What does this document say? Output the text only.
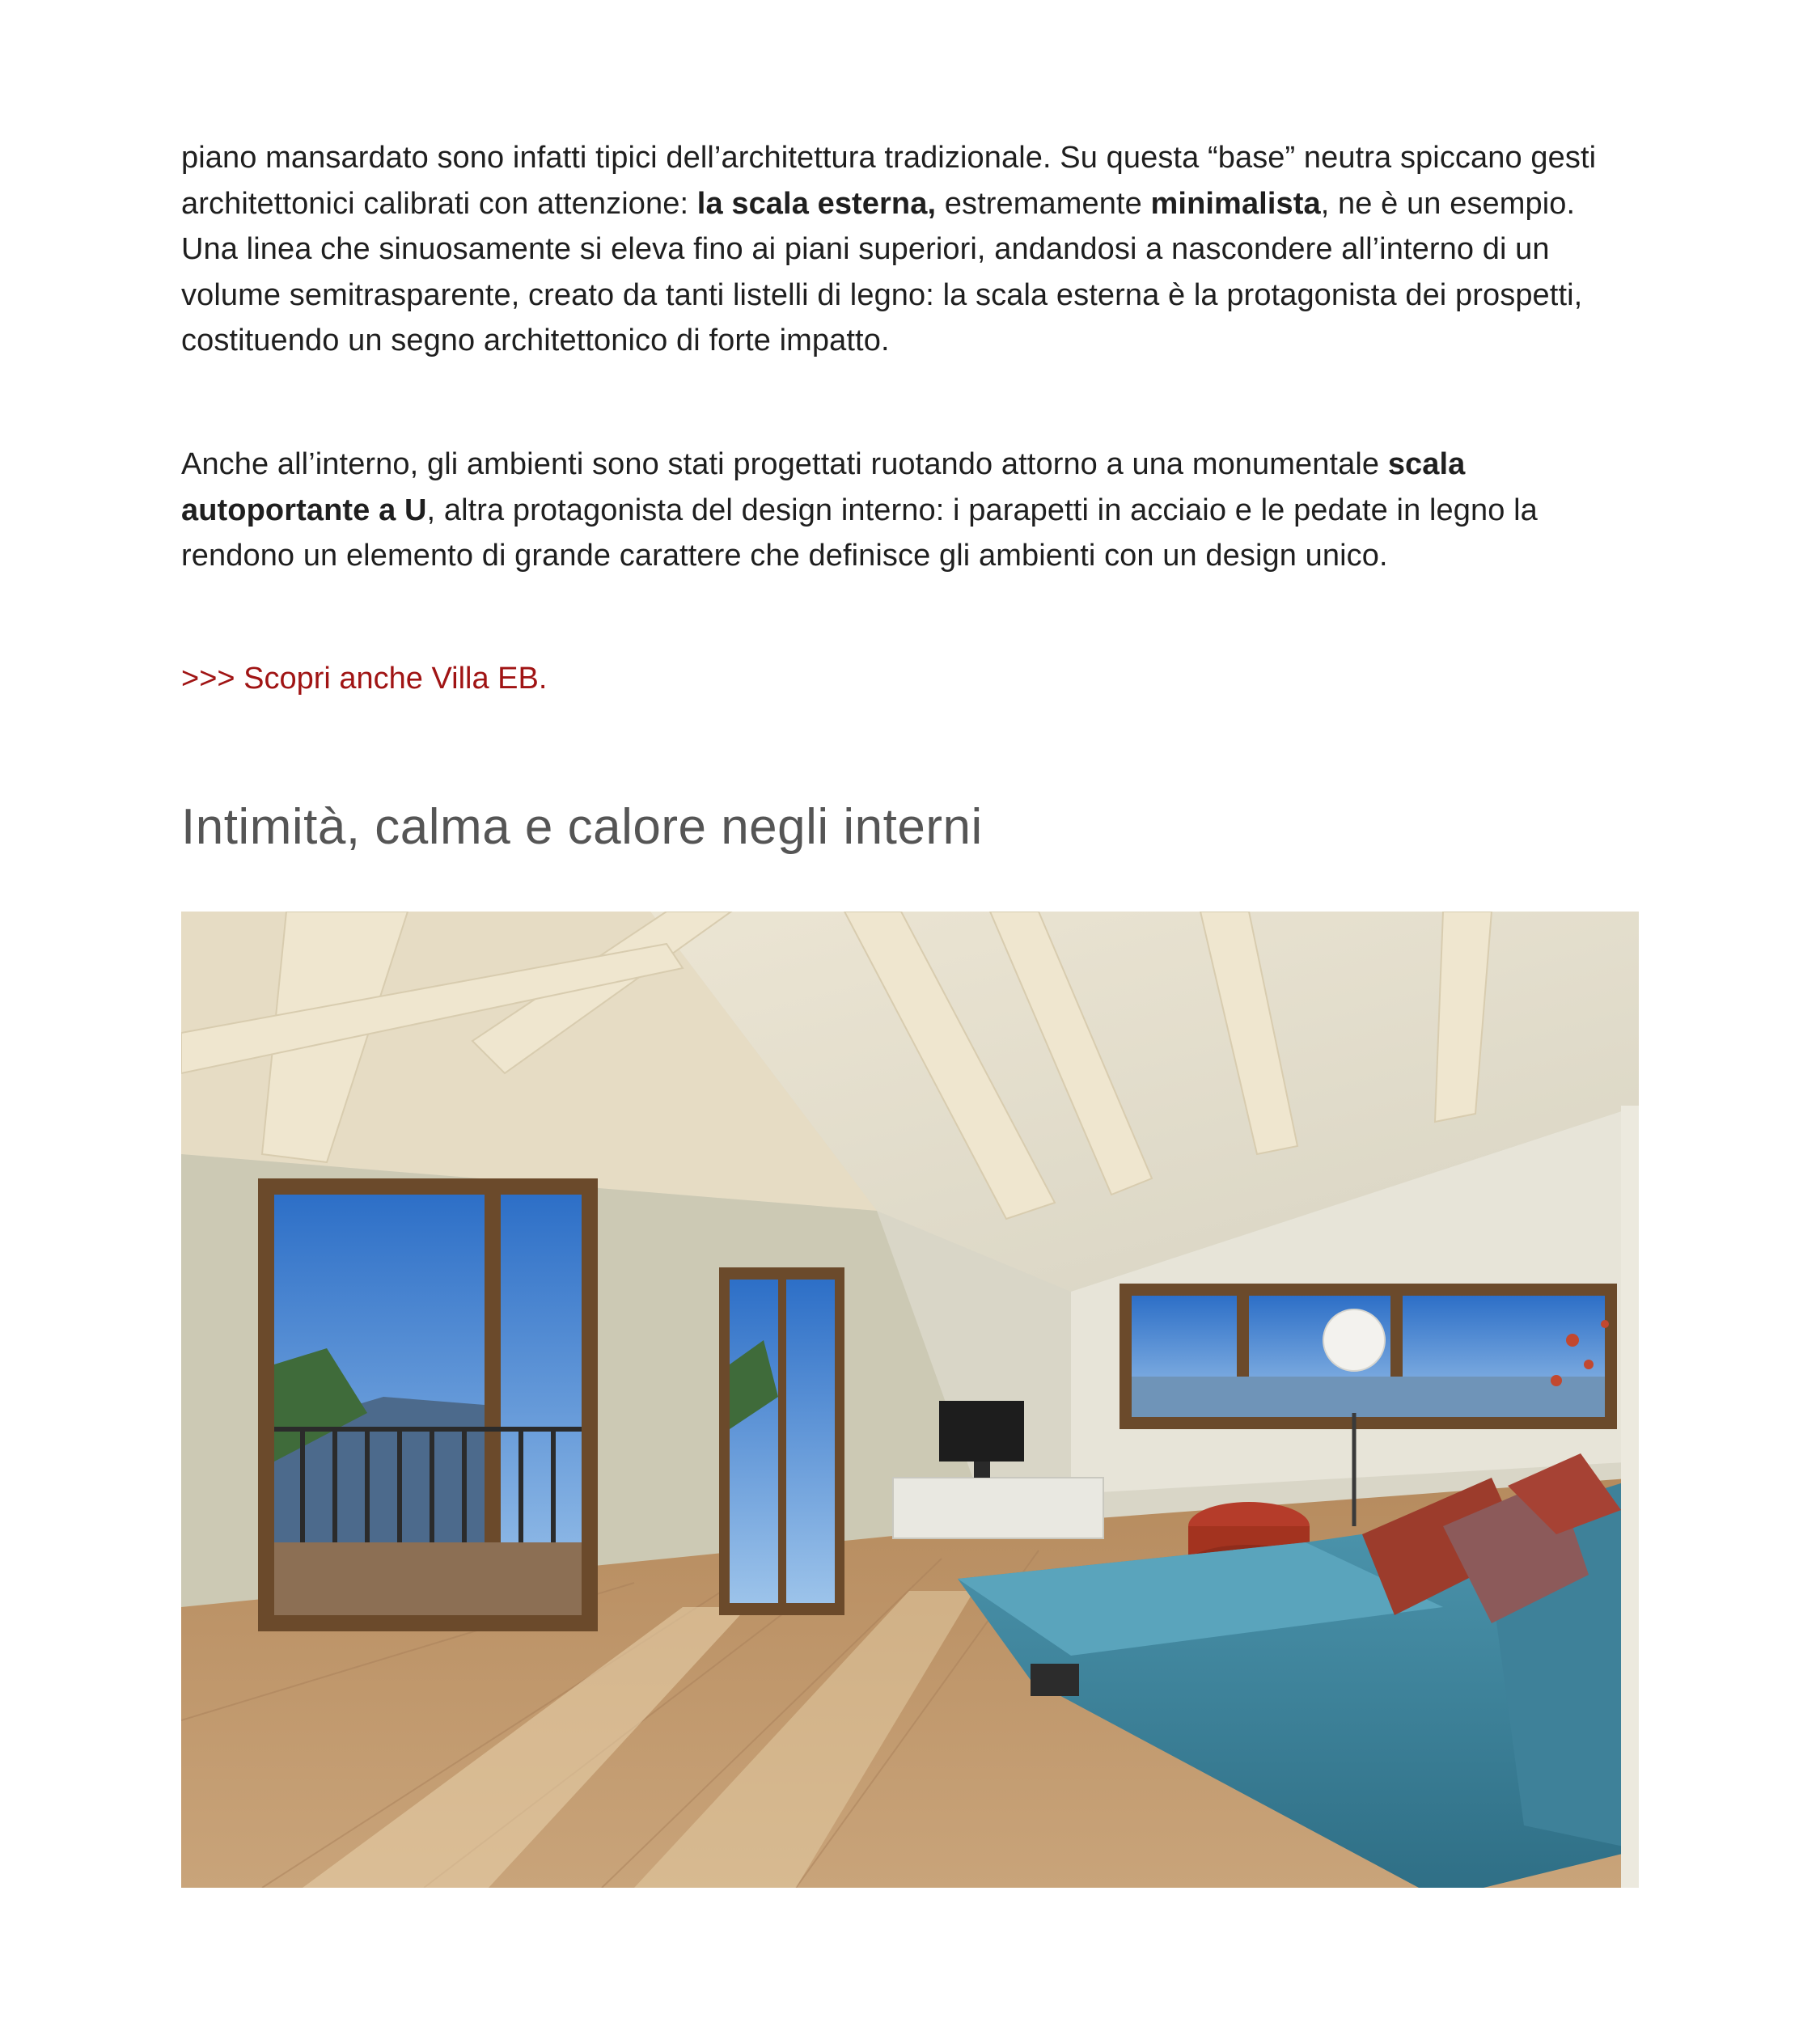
piano mansardato sono infatti tipici dell’architettura tradizionale. Su questa “base” neutra spiccano gesti architettonici calibrati con attenzione: la scala esterna, estremamente minimalista, ne è un esempio. Una linea che sinuosamente si eleva fino ai piani superiori, andandosi a nascondere all’interno di un volume semitrasparente, creato da tanti listelli di legno: la scala esterna è la protagonista dei prospetti, costituendo un segno architettonico di forte impatto.

Anche all’interno, gli ambienti sono stati progettati ruotando attorno a una monumentale scala autoportante a U, altra protagonista del design interno: i parapetti in acciaio e le pedate in legno la rendono un elemento di grande carattere che definisce gli ambienti con un design unico.

>>> Scopri anche Villa EB.
Intimità, calma e calore negli interni
